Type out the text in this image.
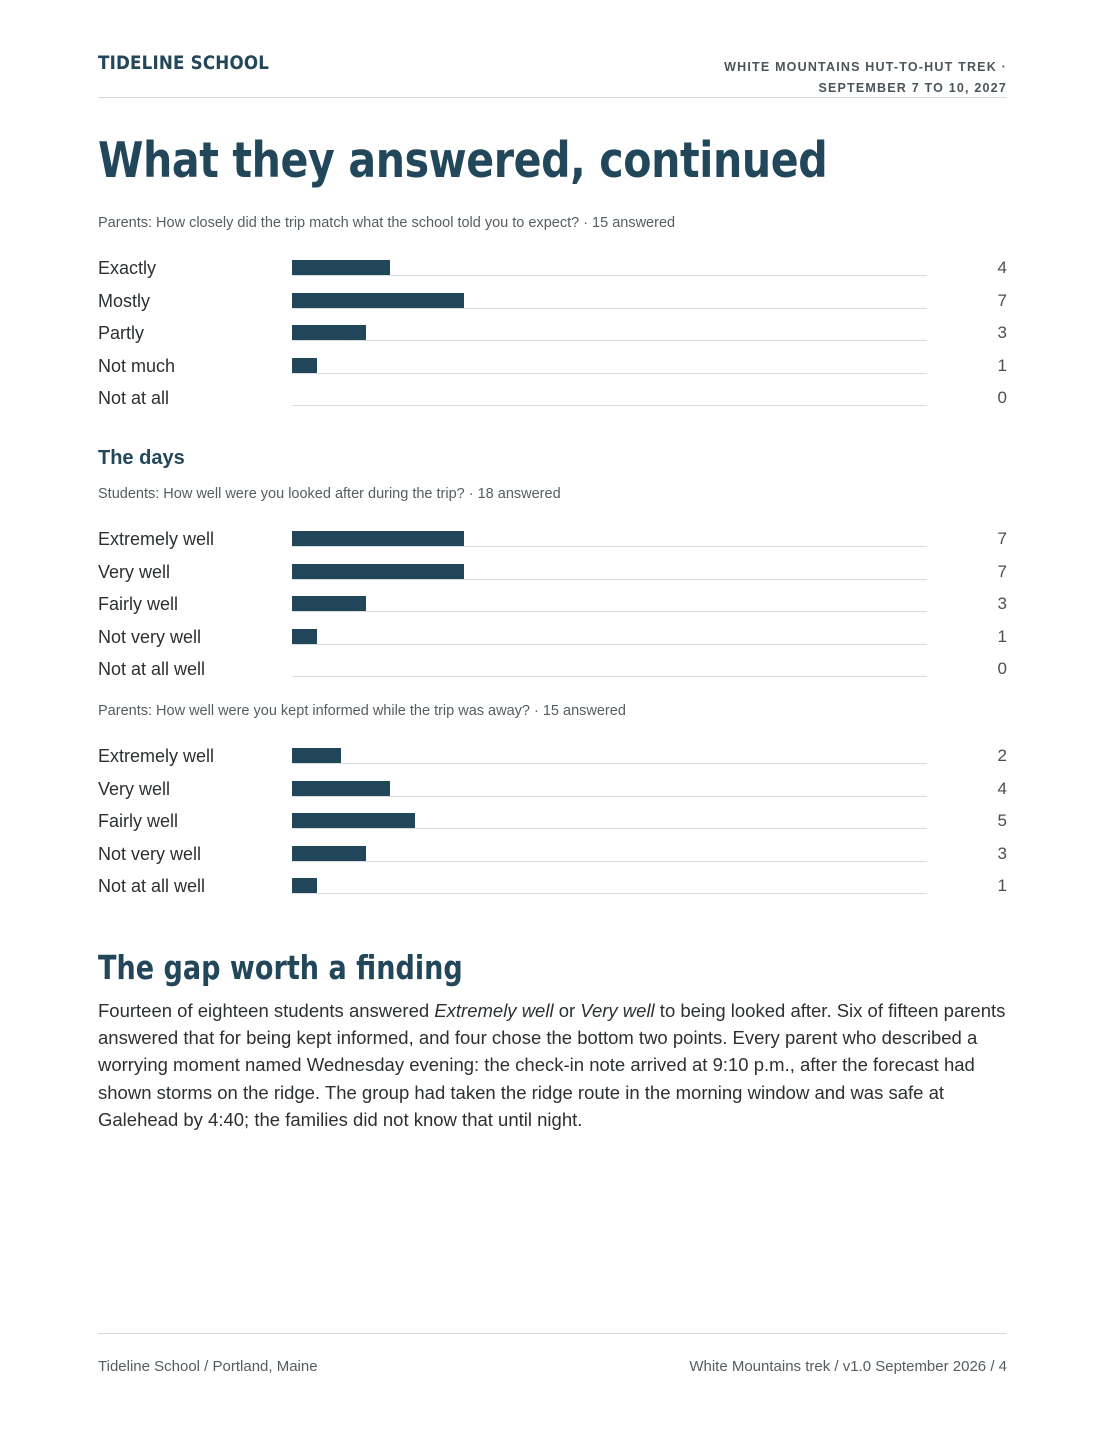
TIDELINE SCHOOL	WHITE MOUNTAINS HUT-TO-HUT TREK ·
SEPTEMBER 7 TO 10, 2027
What they answered, continued
Parents: How closely did the trip match what the school told you to expect? · 15 answered
Exactly	4
Mostly	7
Partly	3
Not much	1
Not at all	0
The days
Students: How well were you looked after during the trip? · 18 answered
Extremely well	7
Very well	7
Fairly well	3
Not very well	1
Not at all well	0
Parents: How well were you kept informed while the trip was away? · 15 answered
Extremely well	2
Very well	4
Fairly well	5
Not very well	3
Not at all well	1
The gap worth a finding

Fourteen of eighteen students answered Extremely well or Very well to being looked after. Six of fifteen parents answered that for being kept informed, and four chose the bottom two points. Every parent who described a worrying moment named Wednesday evening: the check-in note arrived at 9:10 p.m., after the forecast had shown storms on the ridge. The group had taken the ridge route in the morning window and was safe at Galehead by 4:40; the families did not know that until night.

Tideline School / Portland, Maine	White Mountains trek / v1.0 September 2026 / 4
